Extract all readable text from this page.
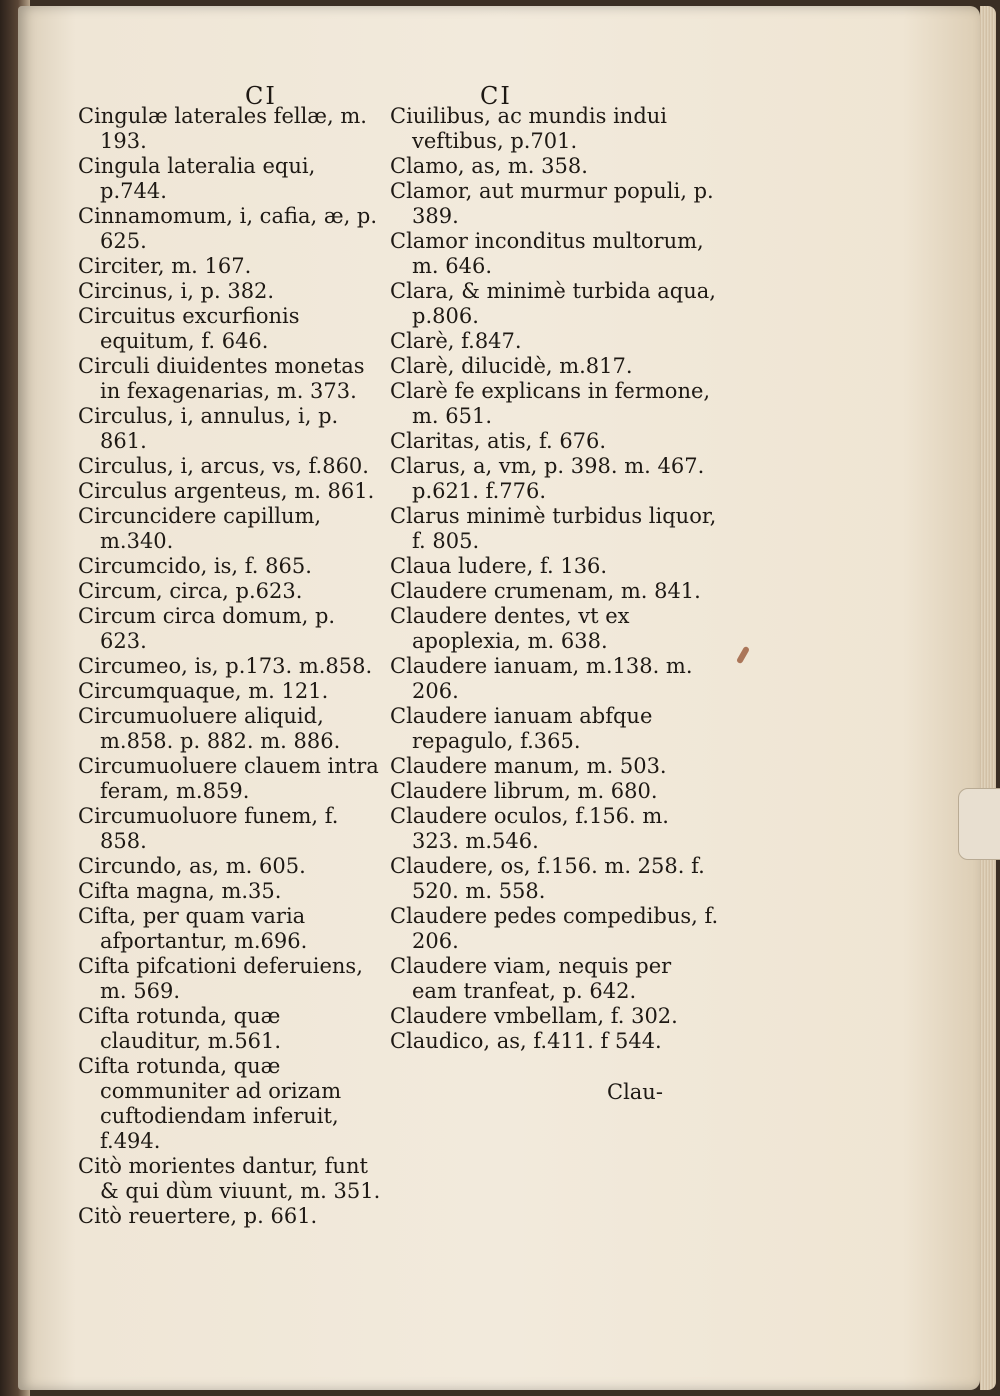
CI	CI

Cingulæ laterales fellæ, m. 193.

Cingula lateralia equi, p.744.

Cinnamomum, i, cafia, æ, p. 625.

Circiter, m. 167.

Circinus, i, p. 382.

Circuitus excurfionis equitum, f. 646.

Circuli diuidentes monetas in fexagenarias, m. 373.

Circulus, i, annulus, i, p. 861.

Circulus, i, arcus, vs, f.860.

Circulus argenteus, m. 861.

Circuncidere capillum, m.340.

Circumcido, is, f. 865.

Circum, circa, p.623.

Circum circa domum, p. 623.

Circumeo, is, p.173. m.858.

Circumquaque, m. 121.

Circumuoluere aliquid, m.858. p. 882. m. 886.

Circumuoluere clauem intra feram, m.859.

Circumuoluore funem, f. 858.

Circundo, as, m. 605.

Cifta magna, m.35.

Cifta, per quam varia afportantur, m.696.

Cifta pifcationi deferuiens, m. 569.

Cifta rotunda, quæ clauditur, m.561.

Cifta rotunda, quæ communiter ad orizam cuftodiendam inferuit, f.494.

Citò morientes dantur, funt & qui dùm viuunt, m. 351.

Citò reuertere, p. 661.

Ciuilibus, ac mundis indui veftibus, p.701.

Clamo, as, m. 358.

Clamor, aut murmur populi, p. 389.

Clamor inconditus multorum, m. 646.

Clara, & minimè turbida aqua, p.806.

Clarè, f.847.

Clarè, dilucidè, m.817.

Clarè fe explicans in fermone, m. 651.

Claritas, atis, f. 676.

Clarus, a, vm, p. 398. m. 467. p.621. f.776.

Clarus minimè turbidus liquor, f. 805.

Claua ludere, f. 136.

Claudere crumenam, m. 841.

Claudere dentes, vt ex apoplexia, m. 638.

Claudere ianuam, m.138. m. 206.

Claudere ianuam abfque repagulo, f.365.

Claudere manum, m. 503.

Claudere librum, m. 680.

Claudere oculos, f.156. m. 323. m.546.

Claudere, os, f.156. m. 258. f. 520. m. 558.

Claudere pedes compedibus, f. 206.

Claudere viam, nequis per eam tranfeat, p. 642.

Claudere vmbellam, f. 302.

Claudico, as, f.411. f 544.

Clau-
